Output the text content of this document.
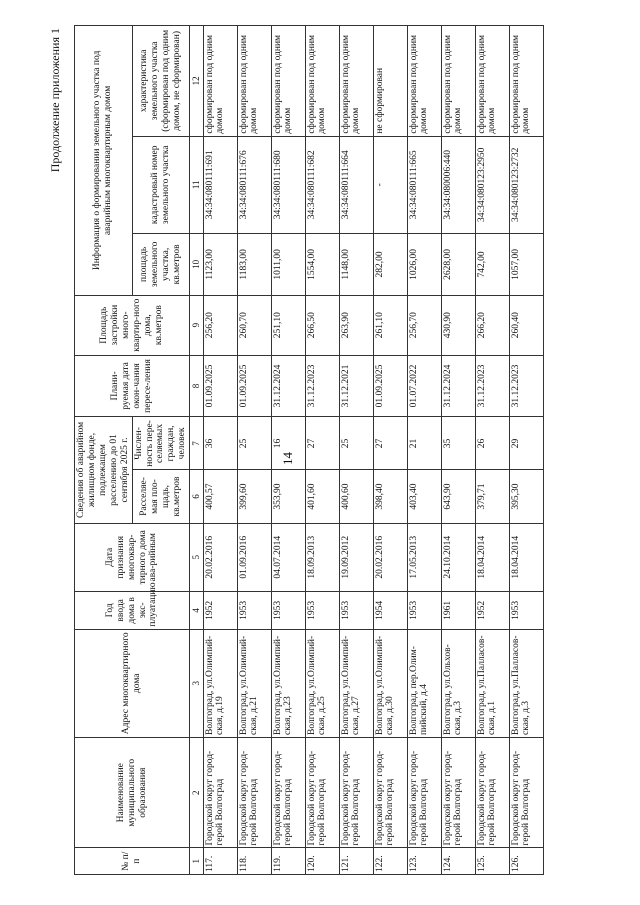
Продолжение приложения 1
14
№ п/п	Наименование муниципального образования	Адрес многоквартирного дома	Год ввода дома в экс-плуатацию	Дата признания многоквар-тирного дома ава-рийным	Сведения об аварийном жилищном фонде, подлежащем расселению до 01 сентября 2025 г.		Плани-руемая дата окон-чания пересе-ления	Площадь застройки много-квартир-ного дома, кв.метров	Информация о формировании земельного участка под аварийным многоквартирным домом		
					Расселяе-мая пло-щадь, кв.метров	Числен-ность пере-селяемых граждан, человек			площадь земельного участка, кв.метров	кадастровый номер земельного участка	характеристика земельного участка (сформирован под одним домом, не сформирован)
1	2	3	4	5	6	7	8	9	10	11	12
117.	Городской округ город-герой Волгоград	Волгоград, ул.Олимпий-ская, д.19	1952	20.02.2016	400,57	36	01.09.2025	256,20	1123,00	34:34:080111:691	сформирован под одним домом
118.	Городской округ город-герой Волгоград	Волгоград, ул.Олимпий-ская, д.21	1953	01.09.2016	399,60	25	01.09.2025	260,70	1183,00	34:34:080111:676	сформирован под одним домом
119.	Городской округ город-герой Волгоград	Волгоград, ул.Олимпий-ская, д.23	1953	04.07.2014	353,90	16	31.12.2024	251,10	1011,00	34:34:080111:680	сформирован под одним домом
120.	Городской округ город-герой Волгоград	Волгоград, ул.Олимпий-ская, д.25	1953	18.09.2013	401,60	27	31.12.2023	266,50	1554,00	34:34:080111:682	сформирован под одним домом
121.	Городской округ город-герой Волгоград	Волгоград, ул.Олимпий-ская, д.27	1953	19.09.2012	400,60	25	31.12.2021	263,90	1148,00	34:34:080111:664	сформирован под одним домом
122.	Городской округ город-герой Волгоград	Волгоград, ул.Олимпий-ская, д.30	1954	20.02.2016	398,40	27	01.09.2025	261,10	282,00	-	не сформирован
123.	Городской округ город-герой Волгоград	Волгоград, пер.Олим-пийский, д.4	1953	17.05.2013	403,40	21	01.07.2022	256,70	1026,00	34:34:080111:665	сформирован под одним домом
124.	Городской округ город-герой Волгоград	Волгоград, ул.Ольхов-ская, д.3	1961	24.10.2014	643,90	35	31.12.2024	430,90	2628,00	34:34:080006:440	сформирован под одним домом
125.	Городской округ город-герой Волгоград	Волгоград, ул.Палласов-ская, д.1	1952	18.04.2014	379,71	26	31.12.2023	266,20	742,00	34:34:080123:2950	сформирован под одним домом
126.	Городской округ город-герой Волгоград	Волгоград, ул.Палласов-ская, д.3	1953	18.04.2014	395,30	29	31.12.2023	260,40	1057,00	34:34:080123:2732	сформирован под одним домом
